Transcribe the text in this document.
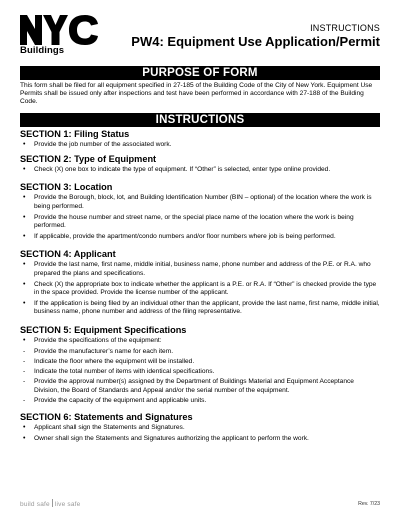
Buildings
INSTRUCTIONS
PW4: Equipment Use Application/Permit
PURPOSE OF FORM
This form shall be filed for all equipment specified in 27-185 of the Building Code of the City of New York. Equipment Use Permits shall be issued only after inspections and test have been performed in accordance with 27-188 of the Building Code.
INSTRUCTIONS
SECTION 1: Filing Status
• Provide the job number of the associated work.
SECTION 2: Type of Equipment
• Check (X) one box to indicate the type of equipment. If “Other” is selected, enter type online provided.
SECTION 3: Location
• Provide the Borough, block, lot, and Building Identification Number (BIN – optional) of the location where the work is being performed.
• Provide the house number and street name, or the special place name of the location where the work is being performed.
• If applicable, provide the apartment/condo numbers and/or floor numbers where job is being performed.
SECTION 4: Applicant
• Provide the last name, first name, middle initial, business name, phone number and address of the P.E. or R.A. who prepared the plans and specifications.
• Check (X) the appropriate box to indicate whether the applicant is a P.E. or R.A. If “Other” is checked provide the type in the space provided. Provide the license number of the applicant.
• If the application is being filed by an individual other than the applicant, provide the last name, first name, middle initial, business name, phone number and address of the filing representative.
SECTION 5: Equipment Specifications
• Provide the specifications of the equipment:
- Provide the manufacturer’s name for each item.
- Indicate the floor where the equipment will be installed.
- Indicate the total number of items with identical specifications.
- Provide the approval number(s) assigned by the Department of Buildings Material and Equipment Acceptance Division, the Board of Standards and Appeal and/or the serial number of the equipment.
- Provide the capacity of the equipment and applicable units.
SECTION 6: Statements and Signatures
• Applicant shall sign the Statements and Signatures.
• Owner shall sign the Statements and Signatures authorizing the applicant to perform the work.
build safe live safe	Rev. 7/23
